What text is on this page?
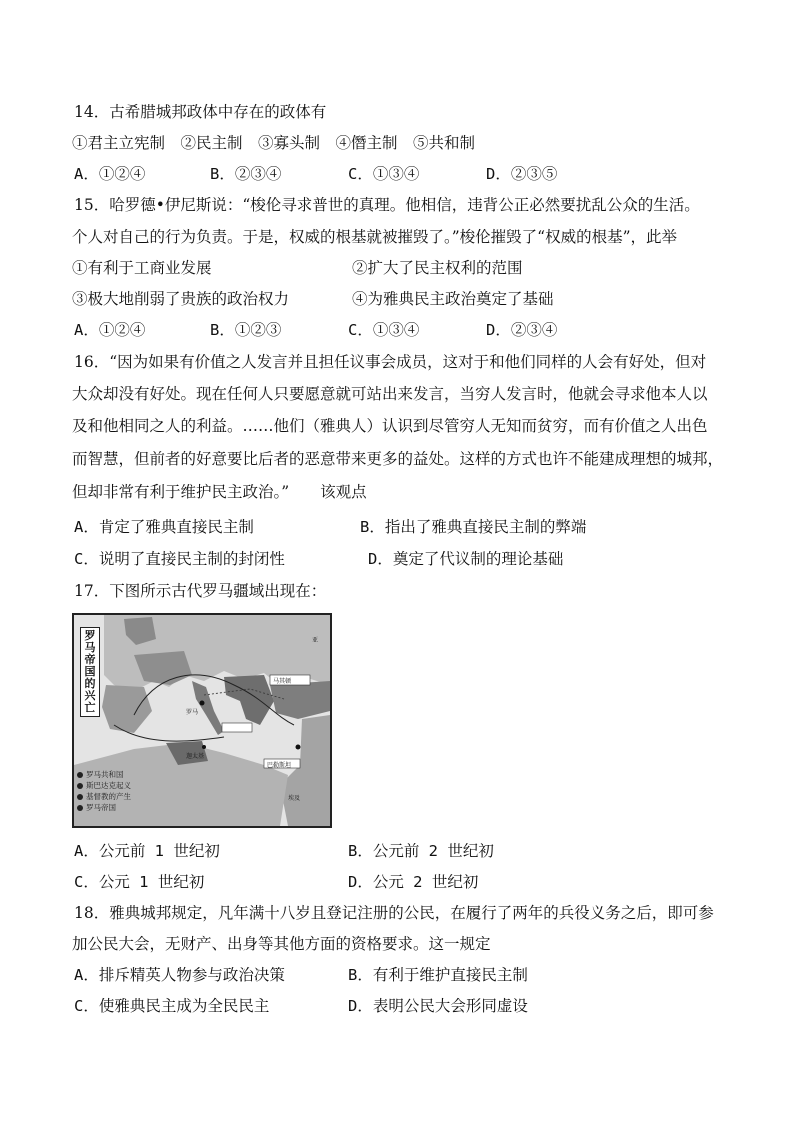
14．古希腊城邦政体中存在的政体有
①君主立宪制　②民主制　③寡头制　④僭主制　⑤共和制
A．①②④	B．②③④	C．①③④	D．②③⑤
15．哈罗德•伊尼斯说：“梭伦寻求普世的真理。他相信，违背公正必然要扰乱公众的生活。
个人对自己的行为负责。于是，权威的根基就被摧毁了。”梭伦摧毁了“权威的根基”，此举
①有利于工商业发展	②扩大了民主权利的范围
③极大地削弱了贵族的政治权力	④为雅典民主政治奠定了基础
A．①②④	B．①②③	C．①③④	D．②③④
16．“因为如果有价值之人发言并且担任议事会成员，这对于和他们同样的人会有好处，但对
大众却没有好处。现在任何人只要愿意就可站出来发言，当穷人发言时，他就会寻求他本人以
及和他相同之人的利益。……他们（雅典人）认识到尽管穷人无知而贫穷，而有价值之人出色
而智慧，但前者的好意要比后者的恶意带来更多的益处。这样的方式也许不能建成理想的城邦，
但却非常有利于维护民主政治。”　　该观点
A．肯定了雅典直接民主制	B．指出了雅典直接民主制的弊端
C．说明了直接民主制的封闭性	D．奠定了代议制的理论基础
17．下图所示古代罗马疆域出现在：
罗马帝国的兴亡	罗马
马其顿
巴勒斯坦
迦太基
埃及
亚
罗马共和国
斯巴达克起义
基督教的产生
罗马帝国
A．公元前 1 世纪初	B．公元前 2 世纪初
C．公元 1 世纪初	D．公元 2 世纪初
18．雅典城邦规定，凡年满十八岁且登记注册的公民，在履行了两年的兵役义务之后，即可参
加公民大会，无财产、出身等其他方面的资格要求。这一规定
A．排斥精英人物参与政治决策	B．有利于维护直接民主制
C．使雅典民主成为全民民主	D．表明公民大会形同虚设
